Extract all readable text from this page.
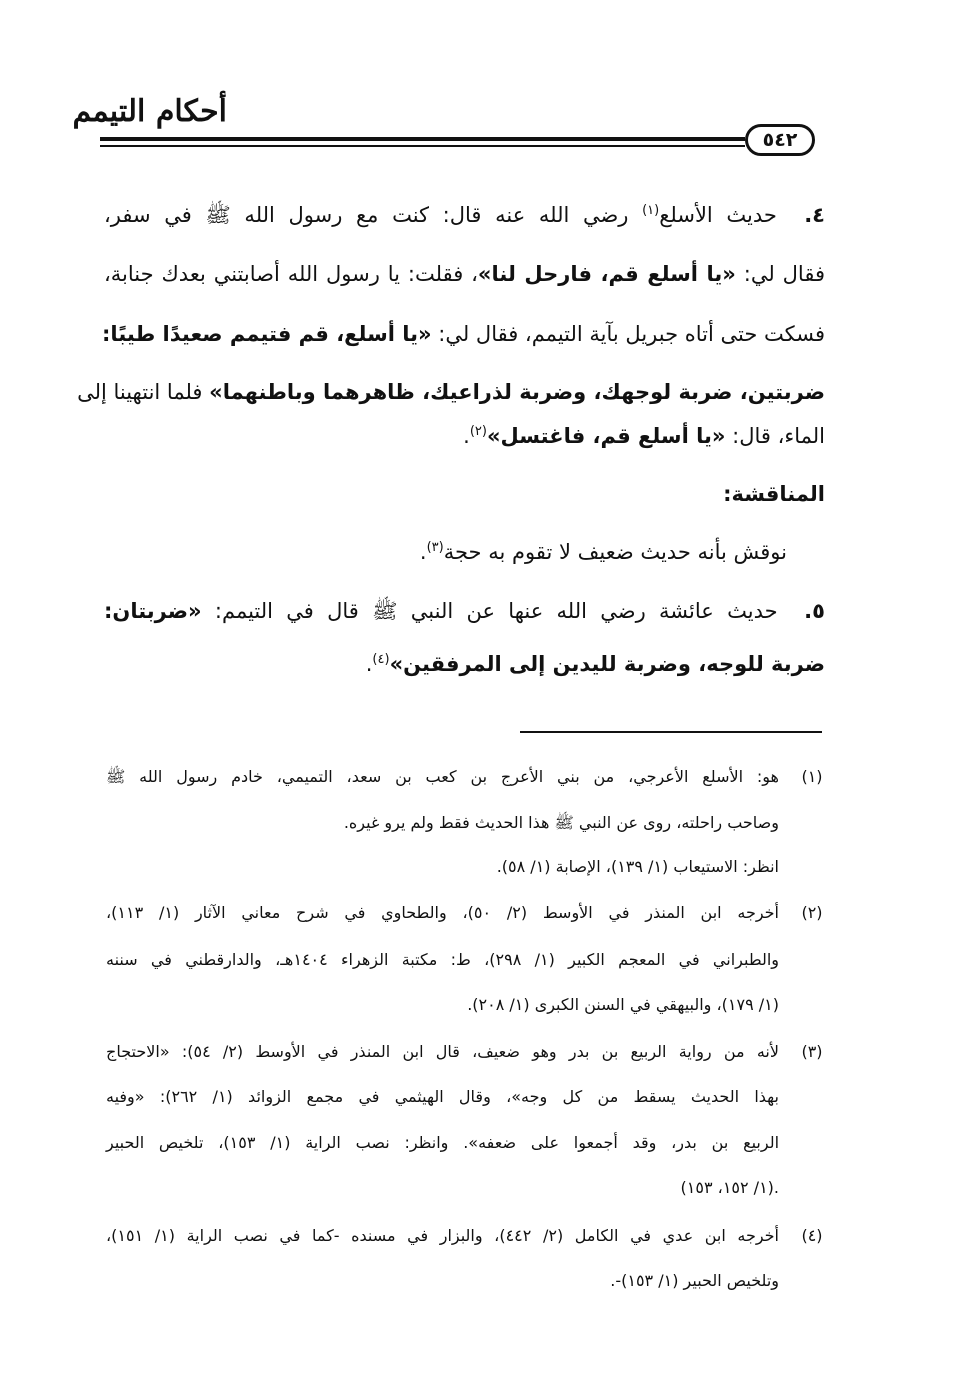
أحكام التيمم
٥٤٢
٤.  حديث الأسلع$^{(١)}$ رضي الله عنه قال: كنت مع رسول الله ﷺ في سفر،
فقال لي: «يا أسلع قم، فارحل لنا»، فقلت: يا رسول الله أصابتني بعدك جنابة،
فسكت حتى أتاه جبريل بآية التيمم، فقال لي: «يا أسلع، قم فتيمم صعيدًا طيبًا:
ضربتين، ضربة لوجهك، وضربة لذراعيك، ظاهرهما وباطنهما» فلما انتهينا إلى
الماء، قال: «يا أسلع قم، فاغتسل»$^{(٢)}$.
المناقشة:
نوقش بأنه حديث ضعيف لا تقوم به حجة$^{(٣)}$.
٥.  حديث عائشة رضي الله عنها عن النبي ﷺ قال في التيمم: «ضربتان:
ضربة للوجه، وضربة لليدين إلى المرفقين»$^{(٤)}$.
(١)
هو: الأسلع الأعرجي، من بني الأعرج بن كعب بن سعد، التميمي، خادم رسول الله ﷺ
وصاحب راحلته، روى عن النبي ﷺ هذا الحديث فقط ولم يرو غيره.
انظر: الاستيعاب (١/ ١٣٩)، الإصابة (١/ ٥٨).
(٢)
أخرجه ابن المنذر في الأوسط (٢/ ٥٠)، والطحاوي في شرح معاني الآثار (١/ ١١٣)،
والطبراني في المعجم الكبير (١/ ٢٩٨)، ط: مكتبة الزهراء ١٤٠٤هـ، والدارقطني في سننه
(١/ ١٧٩)، والبيهقي في السنن الكبرى (١/ ٢٠٨).
(٣)
لأنه من رواية الربيع بن بدر وهو ضعيف، قال ابن المنذر في الأوسط (٢/ ٥٤): «الاحتجاج
بهذا الحديث يسقط من كل وجه»، وقال الهيثمي في مجمع الزوائد (١/ ٢٦٢): «وفيه
الربيع بن بدر، وقد أجمعوا على ضعفه». وانظر: نصب الراية (١/ ١٥٣)، تلخيص الحبير
(١/ ١٥٢، ١٥٣).
(٤)
أخرجه ابن عدي في الكامل (٢/ ٤٤٢)، والبزار في مسنده -كما في نصب الراية (١/ ١٥١)،
وتلخيص الحبير (١/ ١٥٣)-.
